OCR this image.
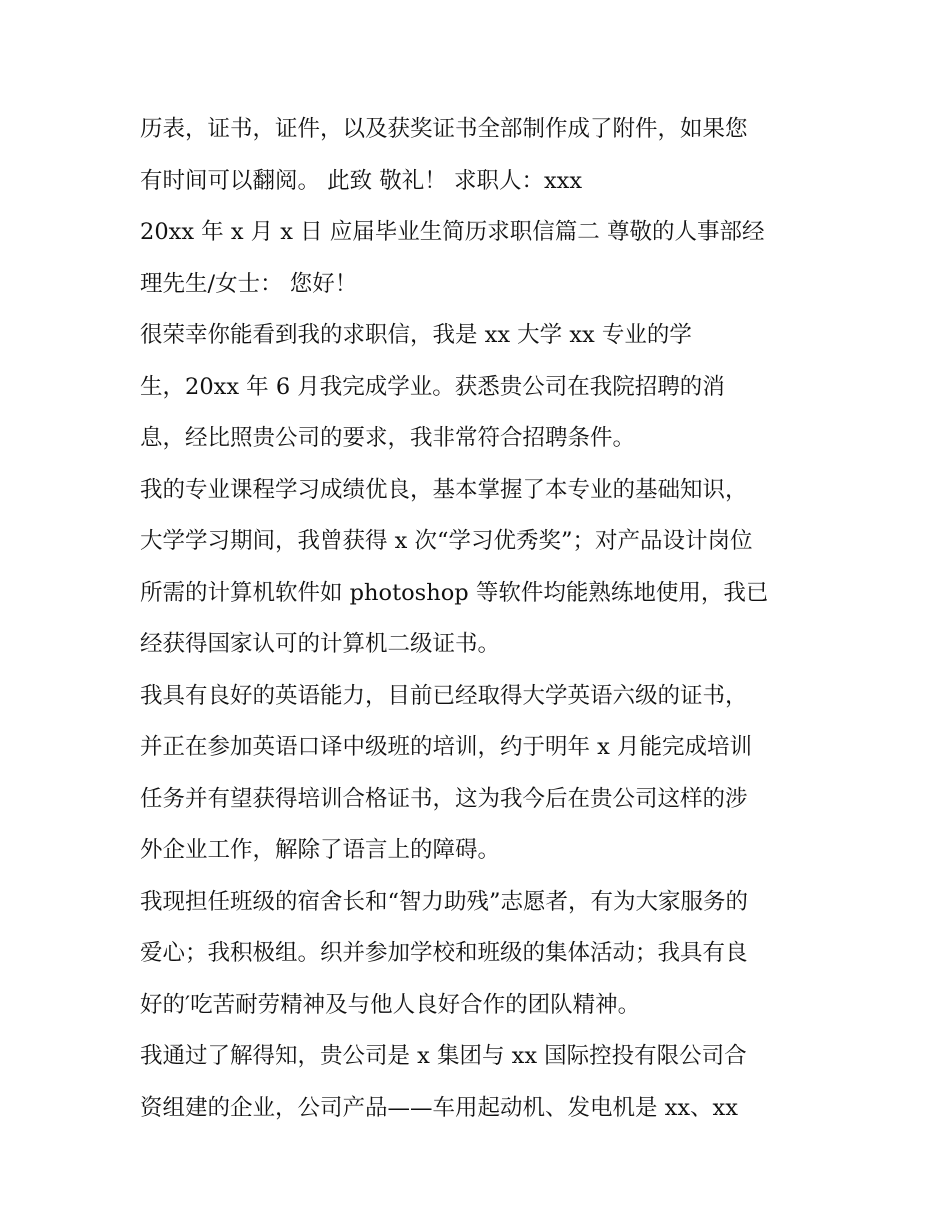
历表，证书，证件，以及获奖证书全部制作成了附件，如果您
有时间可以翻阅。 此致 敬礼！ 求职人：xxx
20xx 年 x 月 x 日 应届毕业生简历求职信篇二 尊敬的人事部经
理先生/女士： 您好！
很荣幸你能看到我的求职信，我是 xx 大学 xx 专业的学
生，20xx 年 6 月我完成学业。获悉贵公司在我院招聘的消
息，经比照贵公司的要求，我非常符合招聘条件。
我的专业课程学习成绩优良，基本掌握了本专业的基础知识，
大学学习期间，我曾获得 x 次“学习优秀奖”；对产品设计岗位
所需的计算机软件如 photoshop 等软件均能熟练地使用，我已
经获得国家认可的计算机二级证书。
我具有良好的英语能力，目前已经取得大学英语六级的证书，
并正在参加英语口译中级班的培训，约于明年 x 月能完成培训
任务并有望获得培训合格证书，这为我今后在贵公司这样的涉
外企业工作，解除了语言上的障碍。
我现担任班级的宿舍长和“智力助残”志愿者，有为大家服务的
爱心；我积极组。织并参加学校和班级的集体活动；我具有良
好的′吃苦耐劳精神及与他人良好合作的团队精神。
我通过了解得知，贵公司是 x 集团与 xx 国际控投有限公司合
资组建的企业，公司产品——车用起动机、发电机是 xx、xx
